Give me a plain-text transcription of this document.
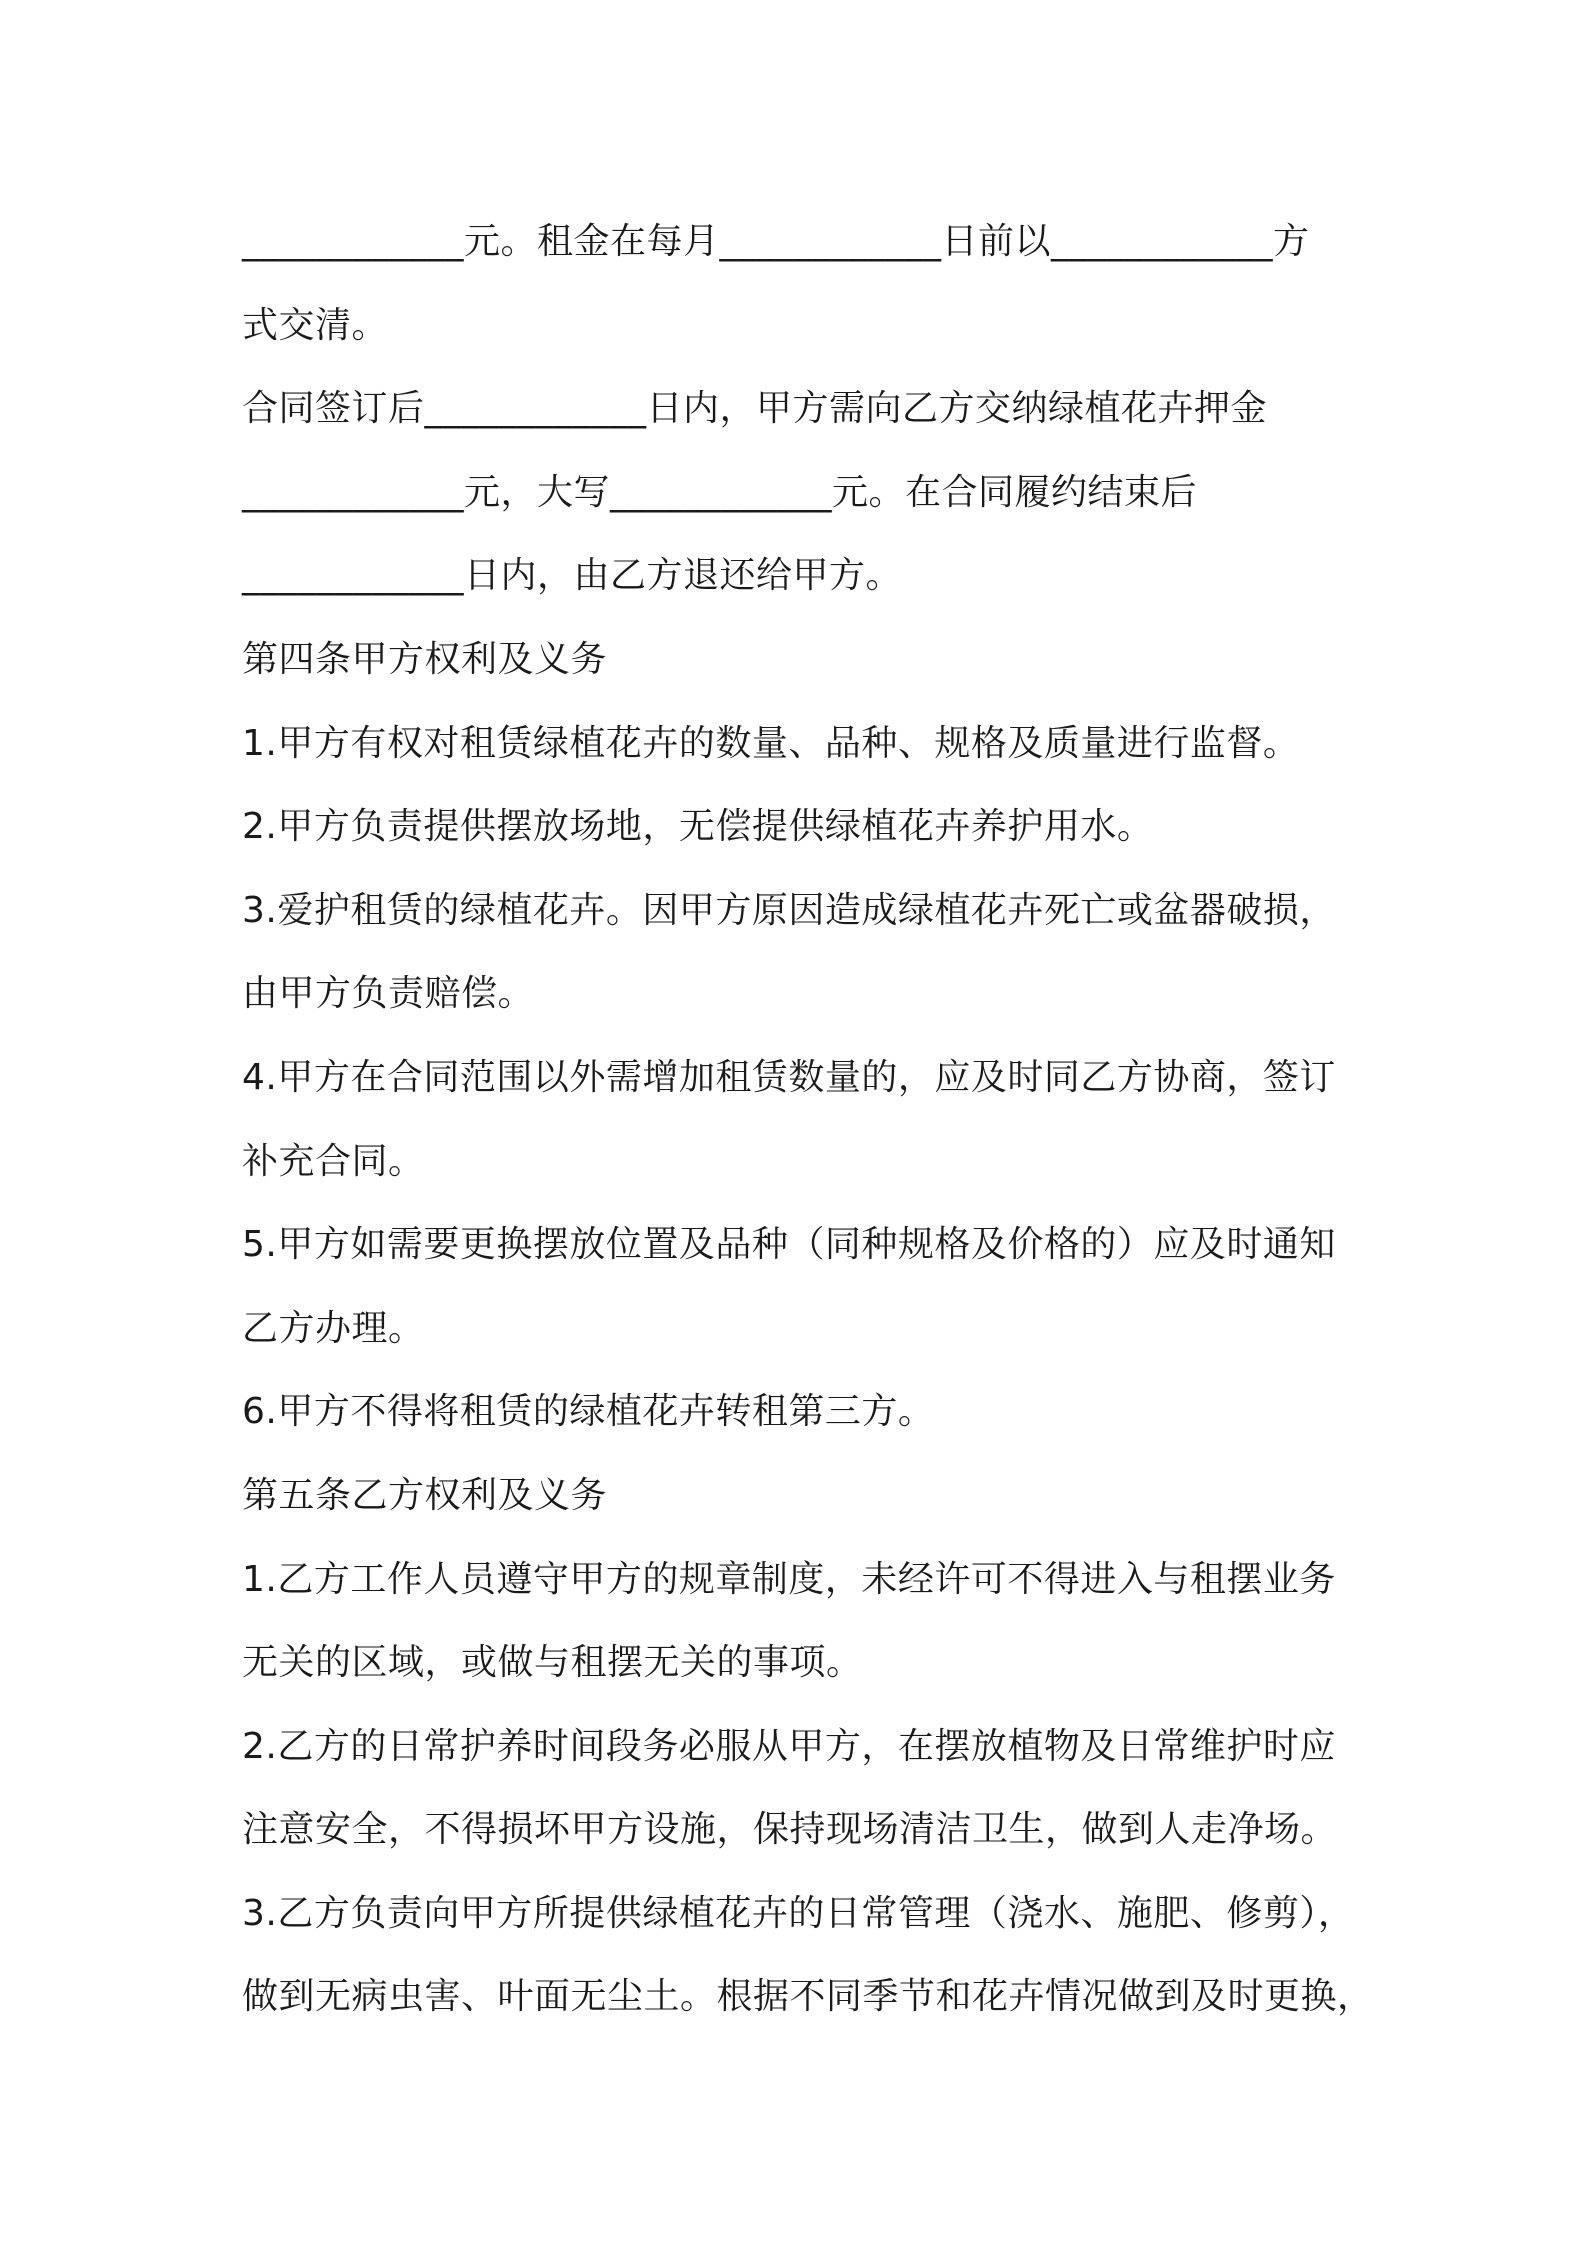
____________元。租金在每月____________日前以____________方
式交清。
合同签订后____________日内，甲方需向乙方交纳绿植花卉押金
____________元，大写____________元。在合同履约结束后
____________日内，由乙方退还给甲方。
第四条甲方权利及义务
1.甲方有权对租赁绿植花卉的数量、品种、规格及质量进行监督。
2.甲方负责提供摆放场地，无偿提供绿植花卉养护用水。
3.爱护租赁的绿植花卉。因甲方原因造成绿植花卉死亡或盆器破损，
由甲方负责赔偿。
4.甲方在合同范围以外需增加租赁数量的，应及时同乙方协商，签订
补充合同。
5.甲方如需要更换摆放位置及品种（同种规格及价格的）应及时通知
乙方办理。
6.甲方不得将租赁的绿植花卉转租第三方。
第五条乙方权利及义务
1.乙方工作人员遵守甲方的规章制度，未经许可不得进入与租摆业务
无关的区域，或做与租摆无关的事项。
2.乙方的日常护养时间段务必服从甲方，在摆放植物及日常维护时应
注意安全，不得损坏甲方设施，保持现场清洁卫生，做到人走净场。
3.乙方负责向甲方所提供绿植花卉的日常管理（浇水、施肥、修剪），
做到无病虫害、叶面无尘土。根据不同季节和花卉情况做到及时更换，
